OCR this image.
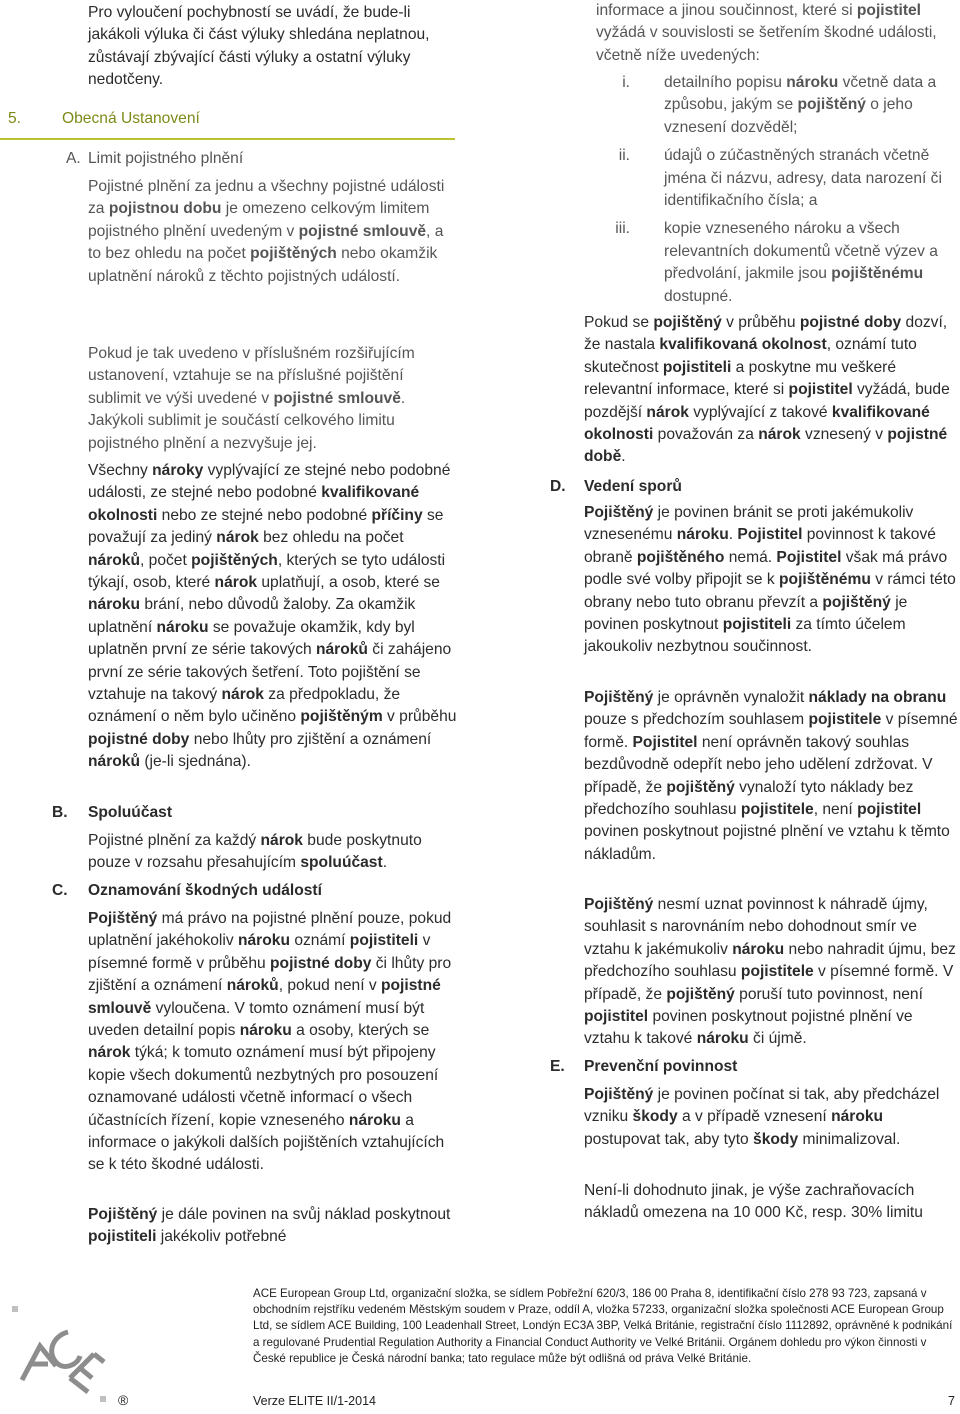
Pro vyloučení pochybností se uvádí, že bude-li jakákoli výluka či část výluky shledána neplatnou, zůstávají zbývající části výluky a ostatní výluky nedotčeny.

5.	Obecná Ustanovení
A. Limit pojistného plnění

Pojistné plnění za jednu a všechny pojistné události za pojistnou dobu je omezeno celkovým limitem pojistného plnění uvedeným v pojistné smlouvě, a to bez ohledu na počet pojištěných nebo okamžik uplatnění nároků z těchto pojistných událostí.

Pokud je tak uvedeno v příslušném rozšiřujícím ustanovení, vztahuje se na příslušné pojištění sublimit ve výši uvedené v pojistné smlouvě. Jakýkoli sublimit je součástí celkového limitu pojistného plnění a nezvyšuje jej.

Všechny nároky vyplývající ze stejné nebo podobné události, ze stejné nebo podobné kvalifikované okolnosti nebo ze stejné nebo podobné příčiny se považují za jediný nárok bez ohledu na počet nároků, počet pojištěných, kterých se tyto události týkají, osob, které nárok uplatňují, a osob, které se nároku brání, nebo důvodů žaloby. Za okamžik uplatnění nároku se považuje okamžik, kdy byl uplatněn první ze série takových nároků či zahájeno první ze série takových šetření. Toto pojištění se vztahuje na takový nárok za předpokladu, že oznámení o něm bylo učiněno pojištěným v průběhu pojistné doby nebo lhůty pro zjištění a oznámení nároků (je-li sjednána).

B. Spoluúčast

Pojistné plnění za každý nárok bude poskytnuto pouze v rozsahu přesahujícím spoluúčast.

C. Oznamování škodných událostí

Pojištěný má právo na pojistné plnění pouze, pokud uplatnění jakéhokoliv nároku oznámí pojistiteli v písemné formě v průběhu pojistné doby či lhůty pro zjištění a oznámení nároků, pokud není v pojistné smlouvě vyloučena. V tomto oznámení musí být uveden detailní popis nároku a osoby, kterých se nárok týká; k tomuto oznámení musí být připojeny kopie všech dokumentů nezbytných pro posouzení oznamované události včetně informací o všech účastnících řízení, kopie vzneseného nároku a informace o jakýkoli dalších pojištěních vztahujících se k této škodné události.

Pojištěný je dále povinen na svůj náklad poskytnout pojistiteli jakékoliv potřebné

informace a jinou součinnost, které si pojistitel vyžádá v souvislosti se šetřením škodné události, včetně níže uvedených:

i. detailního popisu nároku včetně data a způsobu, jakým se pojištěný o jeho vznesení dozvěděl;
ii. údajů o zúčastněných stranách včetně jména či názvu, adresy, data narození či identifikačního čísla; a
iii. kopie vzneseného nároku a všech relevantních dokumentů včetně výzev a předvolání, jakmile jsou pojištěnému dostupné.

Pokud se pojištěný v průběhu pojistné doby dozví, že nastala kvalifikovaná okolnost, oznámí tuto skutečnost pojistiteli a poskytne mu veškeré relevantní informace, které si pojistitel vyžádá, bude pozdější nárok vyplývající z takové kvalifikované okolnosti považován za nárok vznesený v pojistné době.

D. Vedení sporů

Pojištěný je povinen bránit se proti jakémukoliv vznesenému nároku. Pojistitel povinnost k takové obraně pojištěného nemá. Pojistitel však má právo podle své volby připojit se k pojištěnému v rámci této obrany nebo tuto obranu převzít a pojištěný je povinen poskytnout pojistiteli za tímto účelem jakoukoliv nezbytnou součinnost.

Pojištěný je oprávněn vynaložit náklady na obranu pouze s předchozím souhlasem pojistitele v písemné formě. Pojistitel není oprávněn takový souhlas bezdůvodně odepřít nebo jeho udělení zdržovat. V případě, že pojištěný vynaloží tyto náklady bez předchozího souhlasu pojistitele, není pojistitel povinen poskytnout pojistné plnění ve vztahu k těmto nákladům.

Pojištěný nesmí uznat povinnost k náhradě újmy, souhlasit s narovnáním nebo dohodnout smír ve vztahu k jakémukoliv nároku nebo nahradit újmu, bez předchozího souhlasu pojistitele v písemné formě. V případě, že pojištěný poruší tuto povinnost, není pojistitel povinen poskytnout pojistné plnění ve vztahu k takové nároku či újmě.

E. Prevenční povinnost

Pojištěný je povinen počínat si tak, aby předcházel vzniku škody a v případě vznesení nároku postupovat tak, aby tyto škody minimalizoval.

Není-li dohodnuto jinak, je výše zachraňovacích nákladů omezena na 10 000 Kč, resp. 30% limitu

ACE European Group Ltd, organizační složka, se sídlem Pobřežní 620/3, 186 00 Praha 8, identifikační číslo 278 93 723, zapsaná v obchodním rejstříku vedeném Městským soudem v Praze, oddíl A, vložka 57233, organizační složka společnosti ACE European Group Ltd, se sídlem ACE Building, 100 Leadenhall Street, Londýn EC3A 3BP, Velká Británie, registrační číslo 1112892, oprávněné k podnikání a regulované Prudential Regulation Authority a Financial Conduct Authority ve Velké Británii. Orgánem dohledu pro výkon činnosti v České republice je Česká národní banka; tato regulace může být odlišná od práva Velké Británie.
®	Verze ELITE II/1-2014	7
